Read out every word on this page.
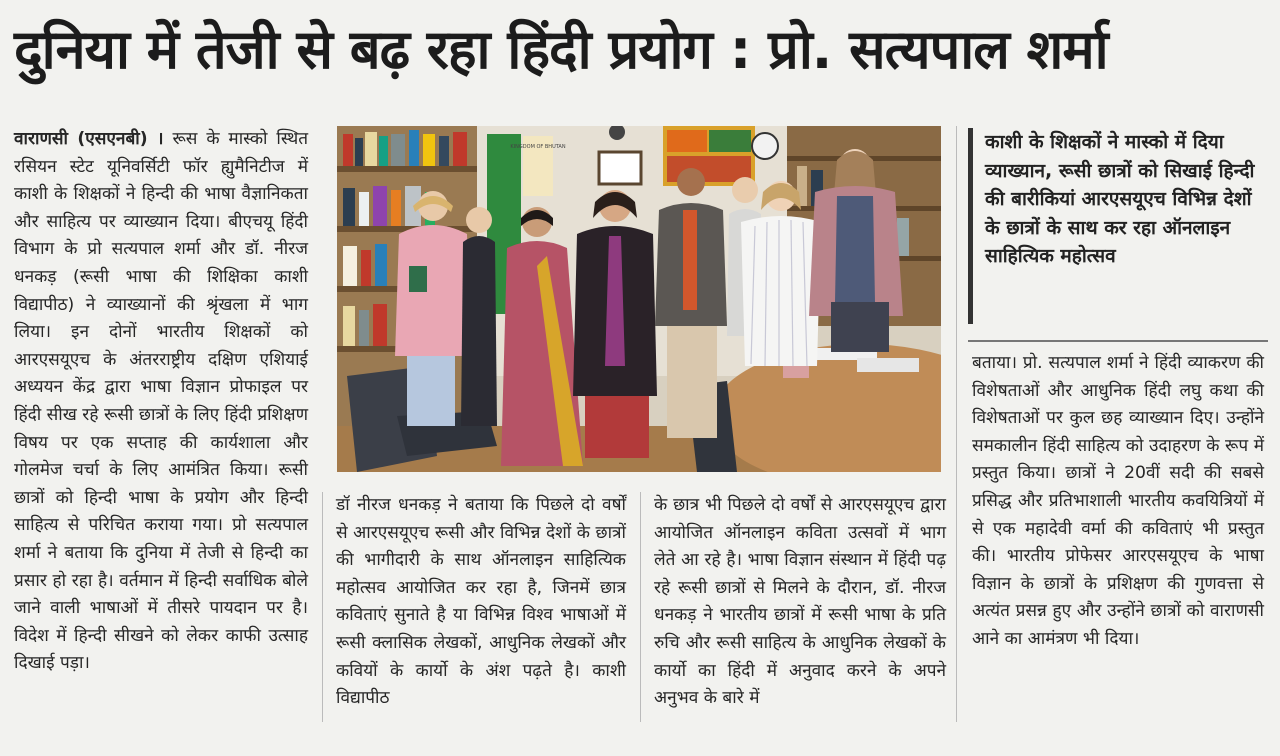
दुनिया में तेजी से बढ़ रहा हिंदी प्रयोग : प्रो. सत्यपाल शर्मा

वाराणसी (एसएनबी) । रूस के मास्को स्थित रसियन स्टेट यूनिवर्सिटी फॉर ह्युमैनिटीज में काशी के शिक्षकों ने हिन्दी की भाषा वैज्ञानिकता और साहित्य पर व्याख्यान दिया। बीएचयू हिंदी विभाग के प्रो सत्यपाल शर्मा और डॉ. नीरज धनकड़ (रूसी भाषा की शिक्षिका काशी विद्यापीठ) ने व्याख्यानों की श्रृंखला में भाग लिया। इन दोनों भारतीय शिक्षकों को आरएसयूएच के अंतरराष्ट्रीय दक्षिण एशियाई अध्ययन केंद्र द्वारा भाषा विज्ञान प्रोफाइल पर हिंदी सीख रहे रूसी छात्रों के लिए हिंदी प्रशिक्षण विषय पर एक सप्ताह की कार्यशाला और गोलमेज चर्चा के लिए आमंत्रित किया। रूसी छात्रों को हिन्दी भाषा के प्रयोग और हिन्दी साहित्य से परिचित कराया गया। प्रो सत्यपाल शर्मा ने बताया कि दुनिया में तेजी से हिन्दी का प्रसार हो रहा है। वर्तमान में हिन्दी सर्वाधिक बोले जाने वाली भाषाओं में तीसरे पायदान पर है। विदेश में हिन्दी सीखने को लेकर काफी उत्साह दिखाई पड़ा।

KINGDOM OF BHUTAN

डॉ नीरज धनकड़ ने बताया कि पिछले दो वर्षों से आरएसयूएच रूसी और विभिन्न देशों के छात्रों की भागीदारी के साथ ऑनलाइन साहित्यिक महोत्सव आयोजित कर रहा है, जिनमें छात्र कविताएं सुनाते है या विभिन्न विश्व भाषाओं में रूसी क्लासिक लेखकों, आधुनिक लेखकों और कवियों के कार्यो के अंश पढ़ते है। काशी विद्यापीठ

के छात्र भी पिछले दो वर्षों से आरएसयूएच द्वारा आयोजित ऑनलाइन कविता उत्सवों में भाग लेते आ रहे है। भाषा विज्ञान संस्थान में हिंदी पढ़ रहे रूसी छात्रों से मिलने के दौरान, डॉ. नीरज धनकड़ ने भारतीय छात्रों में रूसी भाषा के प्रति रुचि और रूसी साहित्य के आधुनिक लेखकों के कार्यो का हिंदी में अनुवाद करने के अपने अनुभव के बारे में

काशी के शिक्षकों ने मास्को में दिया व्याख्यान, रूसी छात्रों को सिखाई हिन्दी की बारीकियां आरएसयूएच विभिन्न देशों के छात्रों के साथ कर रहा ऑनलाइन साहित्यिक महोत्सव

बताया। प्रो. सत्यपाल शर्मा ने हिंदी व्याकरण की विशेषताओं और आधुनिक हिंदी लघु कथा की विशेषताओं पर कुल छह व्याख्यान दिए। उन्होंने समकालीन हिंदी साहित्य को उदाहरण के रूप में प्रस्तुत किया। छात्रों ने 20वीं सदी की सबसे प्रसिद्ध और प्रतिभाशाली भारतीय कवयित्रियों में से एक महादेवी वर्मा की कविताएं भी प्रस्तुत की। भारतीय प्रोफेसर आरएसयूएच के भाषा विज्ञान के छात्रों के प्रशिक्षण की गुणवत्ता से अत्यंत प्रसन्न हुए और उन्होंने छात्रों को वाराणसी आने का आमंत्रण भी दिया।
